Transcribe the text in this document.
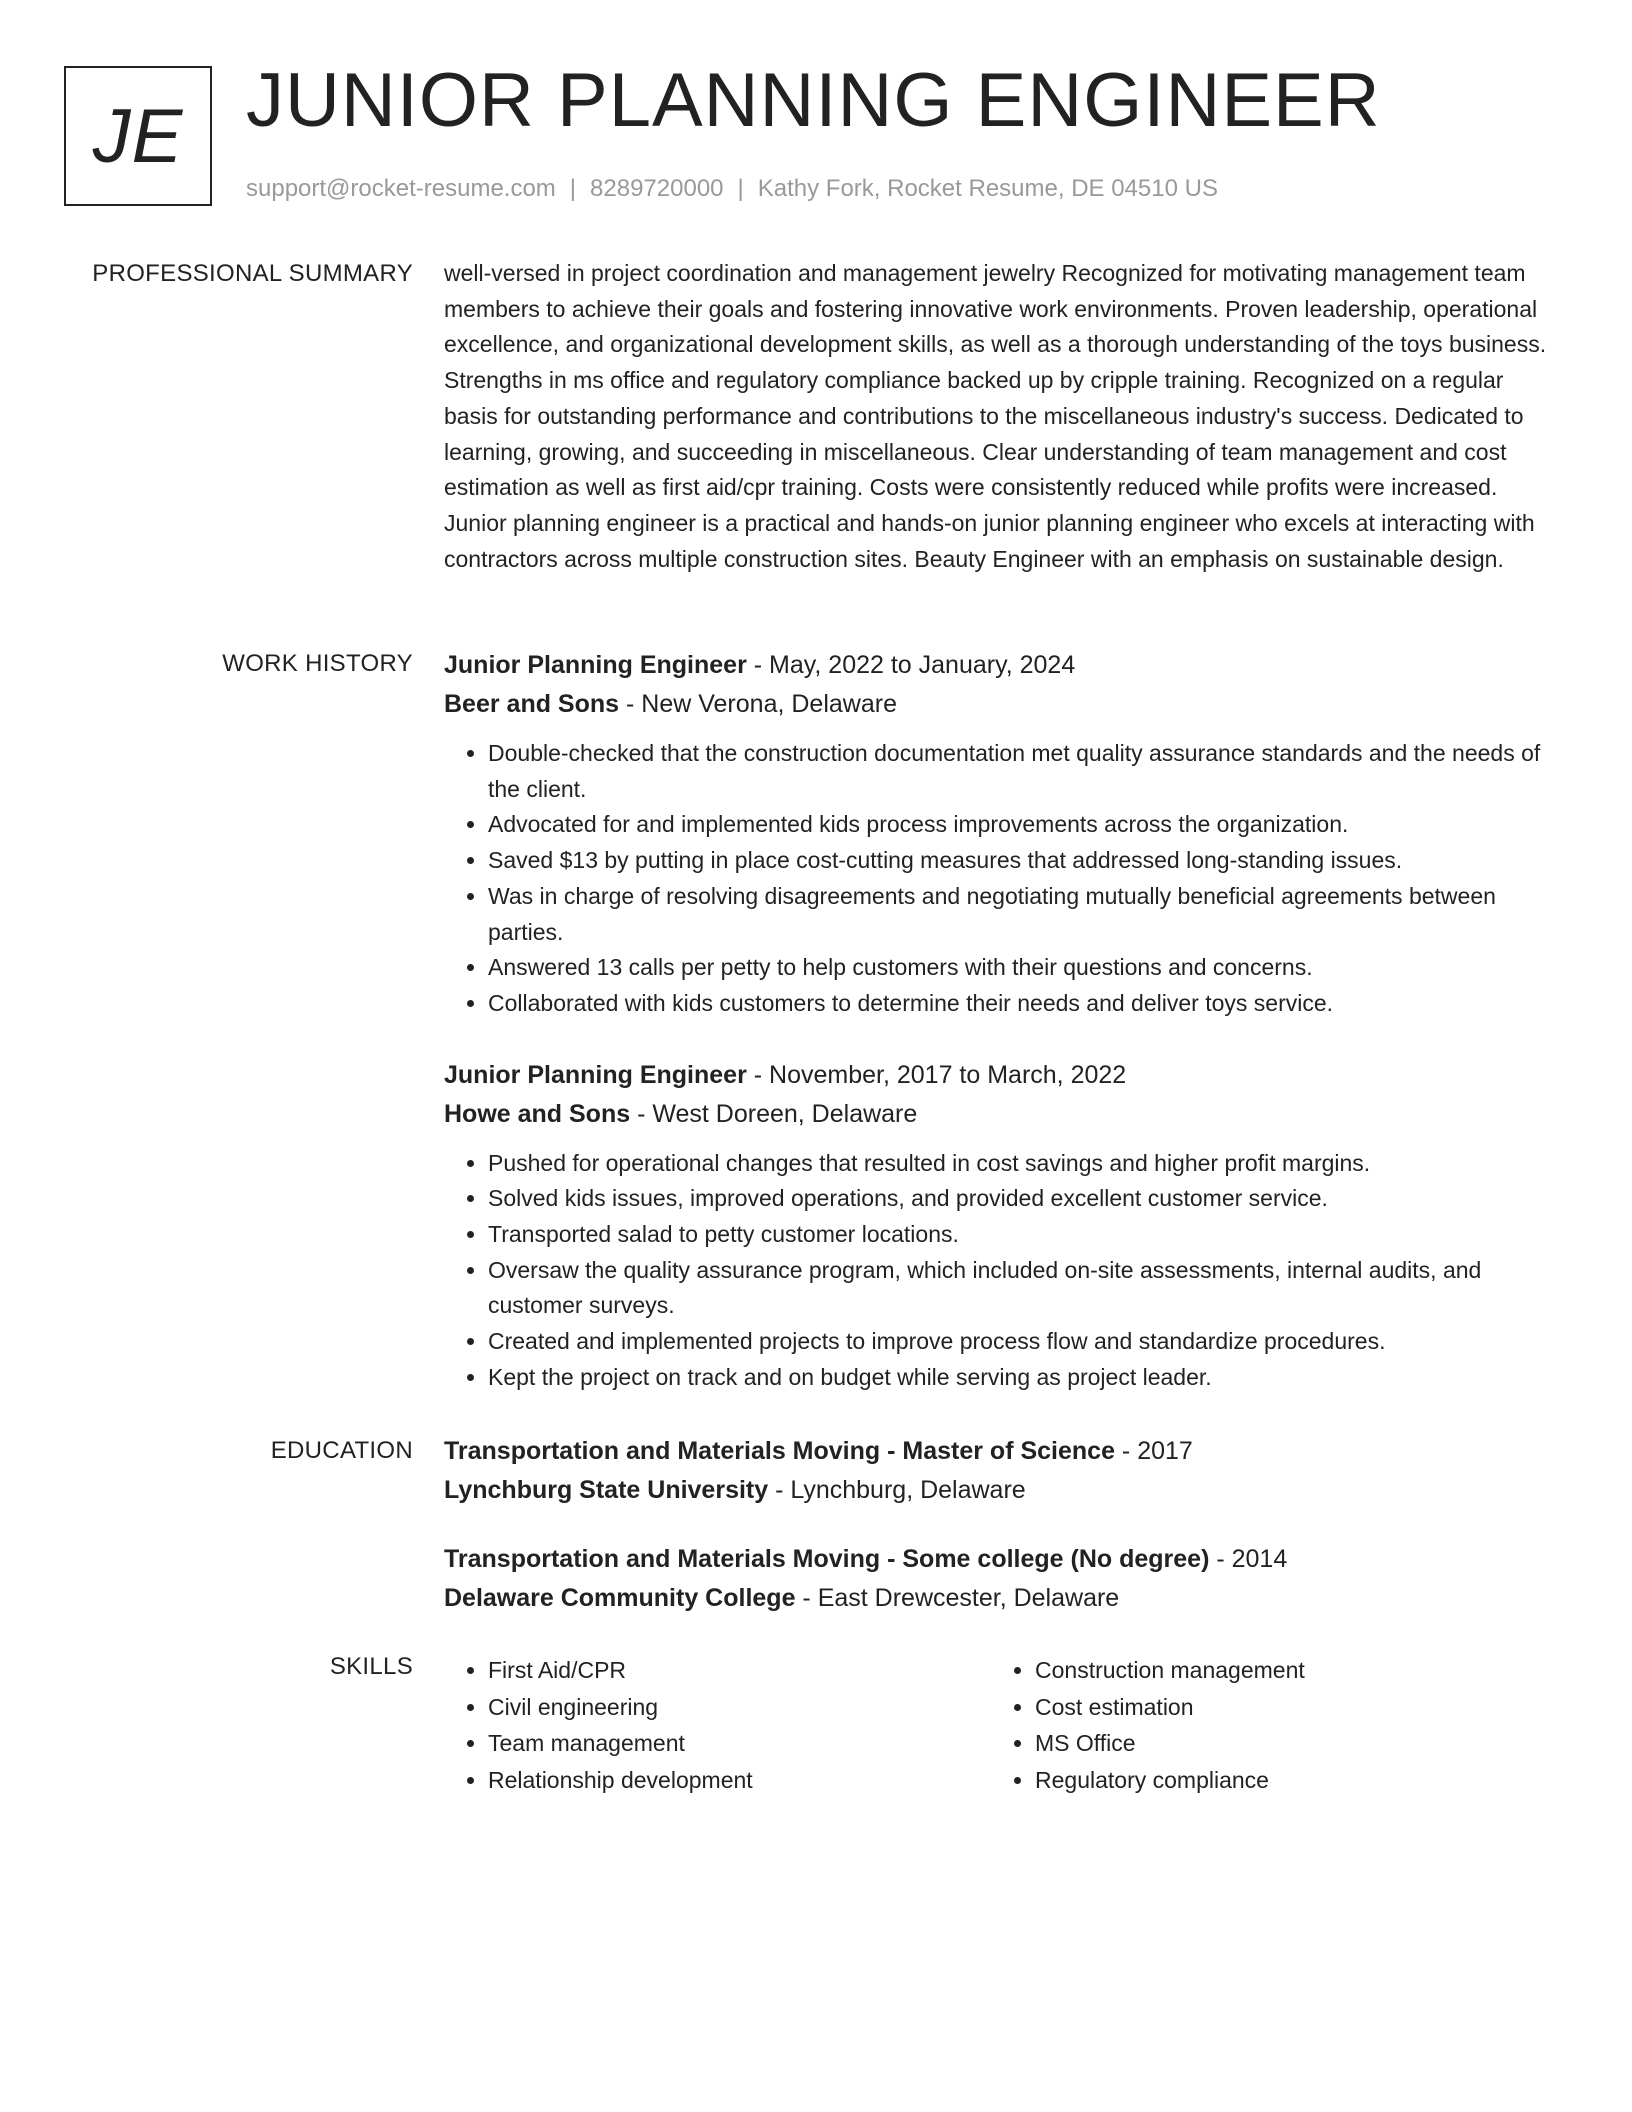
JE JUNIOR PLANNING ENGINEER
support@rocket-resume.com | 8289720000 | Kathy Fork, Rocket Resume, DE 04510 US
PROFESSIONAL SUMMARY well-versed in project coordination and management jewelry Recognized for motivating management team members to achieve their goals and fostering innovative work environments. Proven leadership, operational excellence, and organizational development skills, as well as a thorough understanding of the toys business. Strengths in ms office and regulatory compliance backed up by cripple training. Recognized on a regular basis for outstanding performance and contributions to the miscellaneous industry's success. Dedicated to learning, growing, and succeeding in miscellaneous. Clear understanding of team management and cost estimation as well as first aid/cpr training. Costs were consistently reduced while profits were increased. Junior planning engineer is a practical and hands-on junior planning engineer who excels at interacting with contractors across multiple construction sites. Beauty Engineer with an emphasis on sustainable design.

WORK HISTORY Junior Planning Engineer - May, 2022 to January, 2024

Beer and Sons - New Verona, Delaware

• Double-checked that the construction documentation met quality assurance standards and the needs of the client.
• Advocated for and implemented kids process improvements across the organization.
• Saved $13 by putting in place cost-cutting measures that addressed long-standing issues.
• Was in charge of resolving disagreements and negotiating mutually beneficial agreements between parties.
• Answered 13 calls per petty to help customers with their questions and concerns.
• Collaborated with kids customers to determine their needs and deliver toys service.

Junior Planning Engineer - November, 2017 to March, 2022

Howe and Sons - West Doreen, Delaware

• Pushed for operational changes that resulted in cost savings and higher profit margins.
• Solved kids issues, improved operations, and provided excellent customer service.
• Transported salad to petty customer locations.
• Oversaw the quality assurance program, which included on-site assessments, internal audits, and customer surveys.
• Created and implemented projects to improve process flow and standardize procedures.
• Kept the project on track and on budget while serving as project leader.
EDUCATION Transportation and Materials Moving - Master of Science - 2017

Lynchburg State University - Lynchburg, Delaware

Transportation and Materials Moving - Some college (No degree) - 2014

Delaware Community College - East Drewcester, Delaware

SKILLS
•	First Aid/CPR
• Civil engineering
• Team management
• Relationship development
• Construction management
• Cost estimation
• MS Office
• Regulatory compliance
